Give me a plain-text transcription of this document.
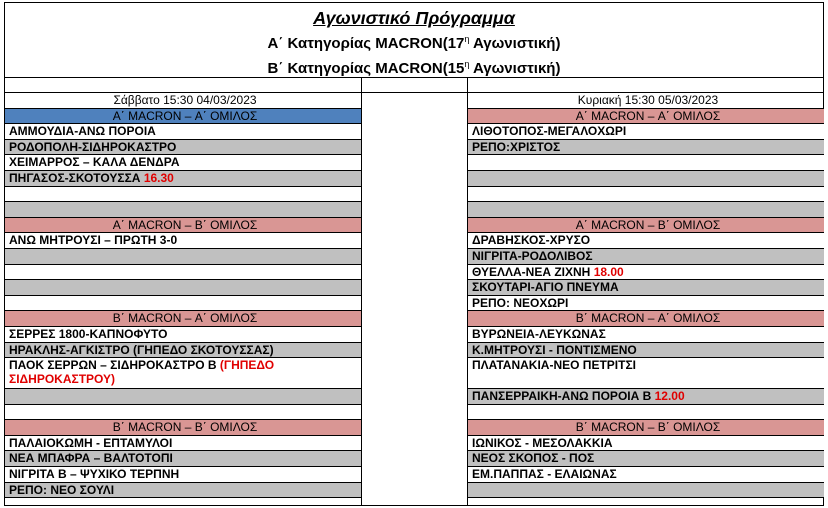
Αγωνιστικό Πρόγραμμα
Α΄ Κατηγορίας $MACRON(17^\eta$ Αγωνιστική)
Β΄ Κατηγορίας $MACRON(15^\eta$ Αγωνιστική)
Σάββατο 15:30 04/03/2023
Α΄ MACRON – Α΄ ΟΜΙΛΟΣ
ΑΜΜΟΥΔΙΑ-ΑΝΩ ΠΟΡΟΙΑ
ΡΟΔΟΠΟΛΗ-ΣΙΔΗΡΟΚΑΣΤΡΟ
ΧΕΙΜΑΡΡΟΣ – ΚΑΛΑ ΔΕΝΔΡΑ
ΠΗΓΑΣΟΣ-ΣΚΟΤΟΥΣΣΑ 16.30
Α΄ MACRON – Β΄ ΟΜΙΛΟΣ
ΑΝΩ ΜΗΤΡΟΥΣΙ – ΠΡΩΤΗ 3-0
Β΄ MACRON – Α΄ ΟΜΙΛΟΣ
ΣΕΡΡΕΣ 1800-ΚΑΠΝΟΦΥΤΟ
ΗΡΑΚΛΗΣ-ΑΓΚΙΣΤΡΟ (ΓΗΠΕΔΟ ΣΚΟΤΟΥΣΣΑΣ)
ΠΑΟΚ ΣΕΡΡΩΝ – ΣΙΔΗΡΟΚΑΣΤΡΟ Β (ΓΗΠΕΔΟ ΣΙΔΗΡΟΚΑΣΤΡΟΥ)
Β΄ MACRON – Β΄ ΟΜΙΛΟΣ
ΠΑΛΑΙΟΚΩΜΗ - ΕΠΤΑΜΥΛΟΙ
ΝΕΑ ΜΠΑΦΡΑ – ΒΑΛΤΟΤΟΠΙ
ΝΙΓΡΙΤΑ Β – ΨΥΧΙΚΟ ΤΕΡΠΝΗ
ΡΕΠΟ: ΝΕΟ ΣΟΥΛΙ
Κυριακή 15:30 05/03/2023
Α΄ MACRON – Α΄ ΟΜΙΛΟΣ
ΛΙΘΟΤΟΠΟΣ-ΜΕΓΑΛΟΧΩΡΙ
ΡΕΠΟ:ΧΡΙΣΤΟΣ
Α΄ MACRON – Β΄ ΟΜΙΛΟΣ
ΔΡΑΒΗΣΚΟΣ-ΧΡΥΣΟ
ΝΙΓΡΙΤΑ-ΡΟΔΟΛΙΒΟΣ
ΘΥΕΛΛΑ-ΝΕΑ ΖΙΧΝΗ 18.00
ΣΚΟΥΤΑΡΙ-ΑΓΙΟ ΠΝΕΥΜΑ
ΡΕΠΟ: ΝΕΟΧΩΡΙ
Β΄ MACRON – Α΄ ΟΜΙΛΟΣ
ΒΥΡΩΝΕΙΑ-ΛΕΥΚΩΝΑΣ
Κ.ΜΗΤΡΟΥΣΙ - ΠΟΝΤΙΣΜΕΝΟ
ΠΛΑΤΑΝΑΚΙΑ-ΝΕΟ ΠΕΤΡΙΤΣΙ
ΠΑΝΣΕΡΡΑΙΚΗ-ΑΝΩ ΠΟΡΟΙΑ Β 12.00
Β΄ MACRON – Β΄ ΟΜΙΛΟΣ
ΙΩΝΙΚΟΣ - ΜΕΣΟΛΑΚΚΙΑ
ΝΕΟΣ ΣΚΟΠΟΣ - ΠΟΣ
ΕΜ.ΠΑΠΠΑΣ - ΕΛΑΙΩΝΑΣ
